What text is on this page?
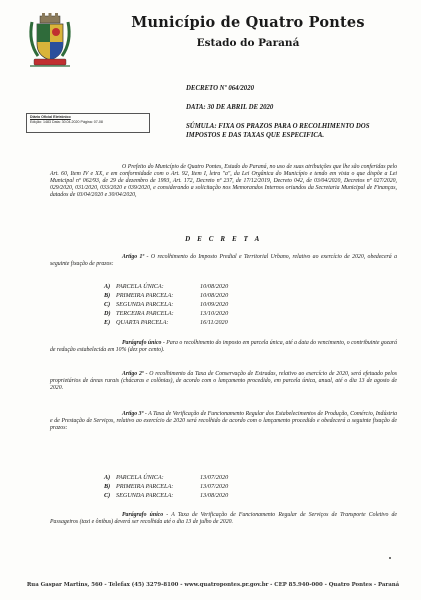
Município de Quatro Pontes
Estado do Paraná
DECRETO Nº 064/2020
DATA: 30 DE ABRIL DE 2020
SÚMULA: FIXA OS PRAZOS PARA O RECOLHIMENTO DOS IMPOSTOS E DAS TAXAS QUE ESPECIFICA.
Diário Oficial Eletrônico
Edição: 1483 Data: 30.04.2020 Página: 07-08
O Prefeito do Município de Quatro Pontes, Estado do Paraná, no uso de suas atribuições que lhe são conferidas pelo Art. 60, Item IV e XX, e em conformidade com o Art. 92, Item I, letra "a", da Lei Orgânica do Município e tendo em vista o que dispõe a Lei Municipal nº 062/93, de 29 de dezembro de 1993, Art. 172, Decreto nº 237, de 17/12/2019, Decreto 042, de 03/04/2020, Decretos nº 027/2020, 029/2020, 031/2020, 033/2020 e 039/2020, e considerando a solicitação nos Memorandos Internos oriundos da Secretaria Municipal de Finanças, datados de 03/04/2020 e 30/04/2020,
D E C R E T A
Artigo 1º - O recolhimento do Imposto Predial e Territorial Urbano, relativo ao exercício de 2020, obedecerá a seguinte fixação de prazos:
A) PARCELA ÚNICA:	10/08/2020
B) PRIMEIRA PARCELA:	10/08/2020
C) SEGUNDA PARCELA:	10/09/2020
D) TERCEIRA PARCELA:	13/10/2020
E) QUARTA PARCELA:	16/11/2020
Parágrafo único - Para o recolhimento do imposto em parcela única, até a data do vencimento, o contribuinte gozará de redução estabelecida em 10% (dez por cento).
Artigo 2º - O recolhimento da Taxa de Conservação de Estradas, relativo ao exercício de 2020, será efetuado pelos proprietários de áreas rurais (chácaras e colônias), de acordo com o lançamento procedido, em parcela única, anual, até o dia 13 de agosto de 2020.
Artigo 3º - A Taxa de Verificação de Funcionamento Regular dos Estabelecimentos de Produção, Comércio, Indústria e de Prestação de Serviços, relativo ao exercício de 2020 será recolhido de acordo com o lançamento procedido e obedecerá a seguinte fixação de prazos:
A) PARCELA ÚNICA:	13/07/2020
B) PRIMEIRA PARCELA:	13/07/2020
C) SEGUNDA PARCELA:	13/08/2020
Parágrafo único - A Taxa de Verificação de Funcionamento Regular de Serviços de Transporte Coletivo de Passageiros (taxi e ônibus) deverá ser recolhida até o dia 13 de julho de 2020.
Rua Gaspar Martins, 560 - Telefax (45) 3279-8100 - www.quatropontes.pr.gov.br - CEP 85.940-000 - Quatro Pontes - Paraná
